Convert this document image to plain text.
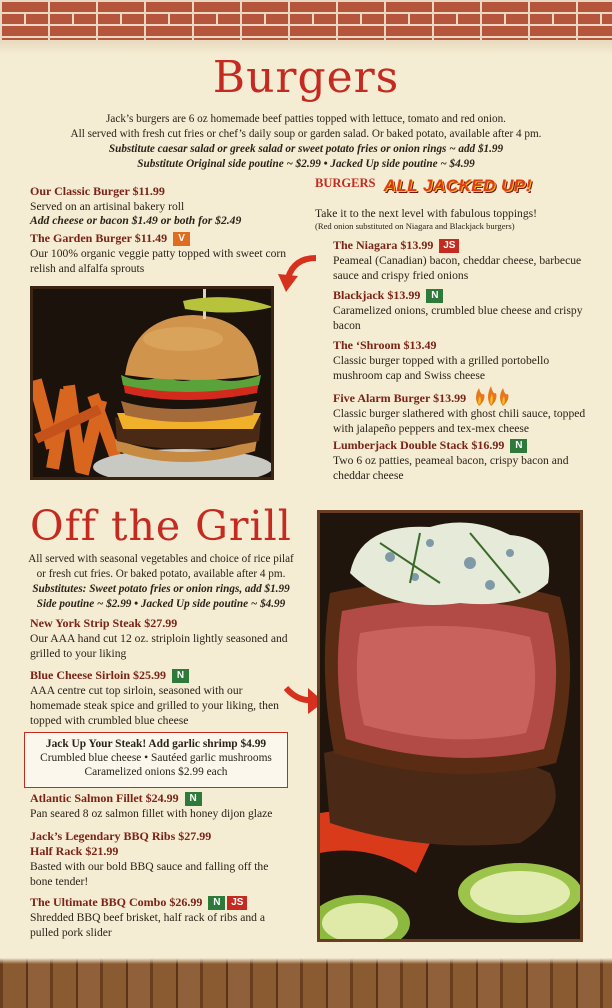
Burgers
Jack’s burgers are 6 oz homemade beef patties topped with lettuce, tomato and red onion.
All served with fresh cut fries or chef’s daily soup or garden salad. Or baked potato, available after 4 pm.
Substitute caesar salad or greek salad or sweet potato fries or onion rings ~ add $1.99
Substitute Original side poutine ~ $2.99 • Jacked Up side poutine ~ $4.99
Our Classic Burger $11.99
Served on an artisinal bakery roll
Add cheese or bacon $1.49 or both for $2.49
The Garden Burger $11.49 V
Our 100% organic veggie patty topped with sweet corn relish and alfalfa sprouts
$^{BURGERS}$ ALL JACKED UP!
Take it to the next level with fabulous toppings!
(Red onion substituted on Niagara and Blackjack burgers)
The Niagara $13.99 JS
Peameal (Canadian) bacon, cheddar cheese, barbecue sauce and crispy fried onions
Blackjack $13.99 N
Caramelized onions, crumbled blue cheese and crispy bacon
The ‘Shroom $13.49
Classic burger topped with a grilled portobello mushroom cap and Swiss cheese
Five Alarm Burger $13.99
Classic burger slathered with ghost chili sauce, topped with jalapeño peppers and tex-mex cheese
Lumberjack Double Stack $16.99 N
Two 6 oz patties, peameal bacon, crispy bacon and cheddar cheese
Off the Grill
All served with seasonal vegetables and choice of rice pilaf
or fresh cut fries. Or baked potato, available after 4 pm.
Substitutes: Sweet potato fries or onion rings, add $1.99
Side poutine ~ $2.99 • Jacked Up side poutine ~ $4.99
New York Strip Steak $27.99
Our AAA hand cut 12 oz. striploin lightly seasoned and grilled to your liking
Blue Cheese Sirloin $25.99 N
AAA centre cut top sirloin, seasoned with our homemade steak spice and grilled to your liking, then topped with crumbled blue cheese
Jack Up Your Steak! Add garlic shrimp $4.99
Crumbled blue cheese • Sautéed garlic mushrooms
Caramelized onions $2.99 each
Atlantic Salmon Fillet $24.99 N
Pan seared 8 oz salmon fillet with honey dijon glaze
Jack’s Legendary BBQ Ribs $27.99
Half Rack $21.99
Basted with our bold BBQ sauce and falling off the bone tender!
The Ultimate BBQ Combo $26.99 N JS
Shredded BBQ beef brisket, half rack of ribs and a pulled pork slider
